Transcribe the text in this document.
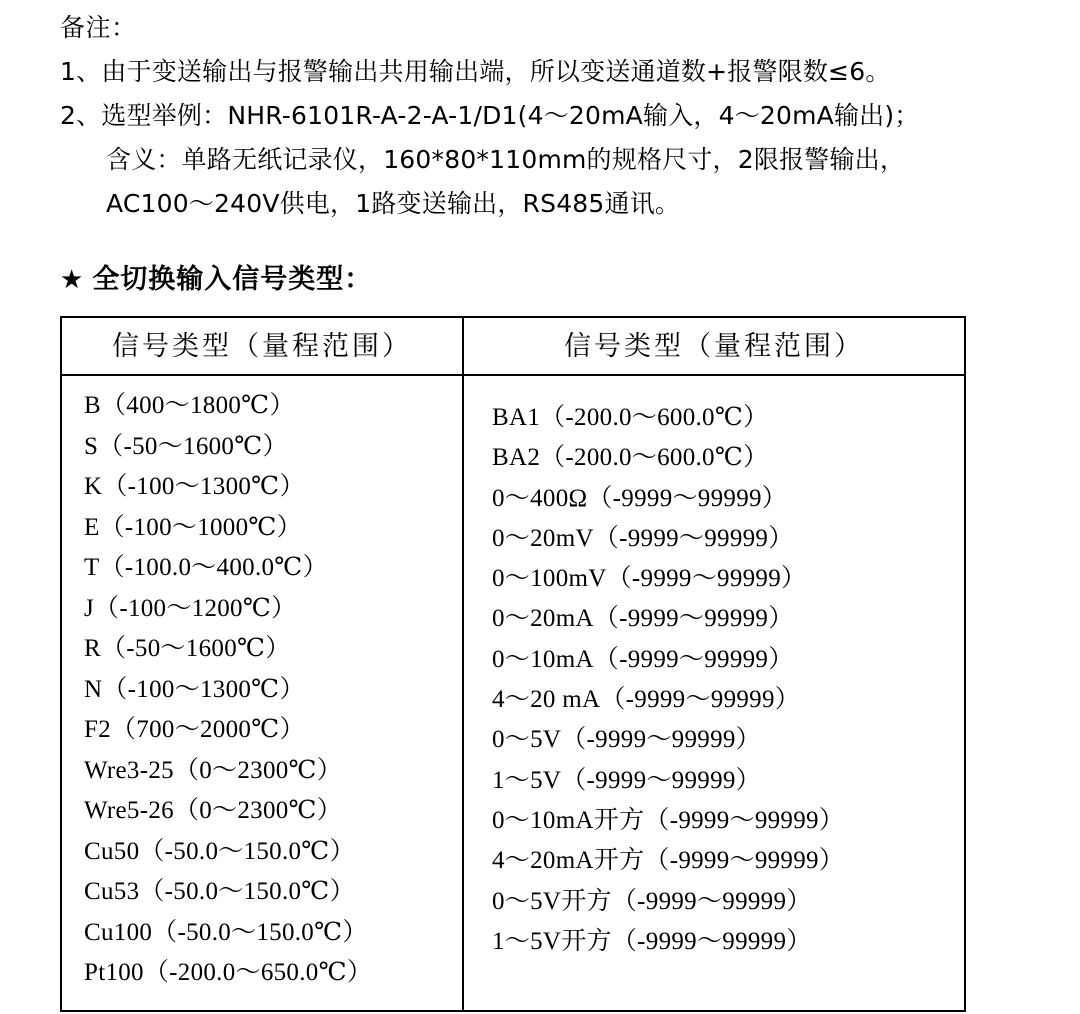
备注：
1、 由于变送输出与报警输出共用输出端，所以变送通道数+报警限数≤6。
2、 选型举例：NHR-6101R-A-2-A-1/D1(4～20mA输入，4～20mA输出)；
含义：单路无纸记录仪，160*80*110mm的规格尺寸，2限报警输出，
AC100～240V供电，1路变送输出，RS485通讯。
★ 全切换输入信号类型：
信号类型（量程范围）	信号类型（量程范围）

B（400～1800℃）
S（-50～1600℃）
K（-100～1300℃）
E（-100～1000℃）
T（-100.0～400.0℃）
J（-100～1200℃）
R（-50～1600℃）
N（-100～1300℃）
F2（700～2000℃）
Wre3-25（0～2300℃）
Wre5-26（0～2300℃）
Cu50（-50.0～150.0℃）
Cu53（-50.0～150.0℃）
Cu100（-50.0～150.0℃）
Pt100（-200.0～650.0℃）

BA1（-200.0～600.0℃）
BA2（-200.0～600.0℃）
0～400Ω（-9999～99999）
0～20mV（-9999～99999）
0～100mV（-9999～99999）
0～20mA（-9999～99999）
0～10mA（-9999～99999）
4～20 mA（-9999～99999）
0～5V（-9999～99999）
1～5V（-9999～99999）
0～10mA开方（-9999～99999）
4～20mA开方（-9999～99999）
0～5V开方（-9999～99999）
1～5V开方（-9999～99999）
